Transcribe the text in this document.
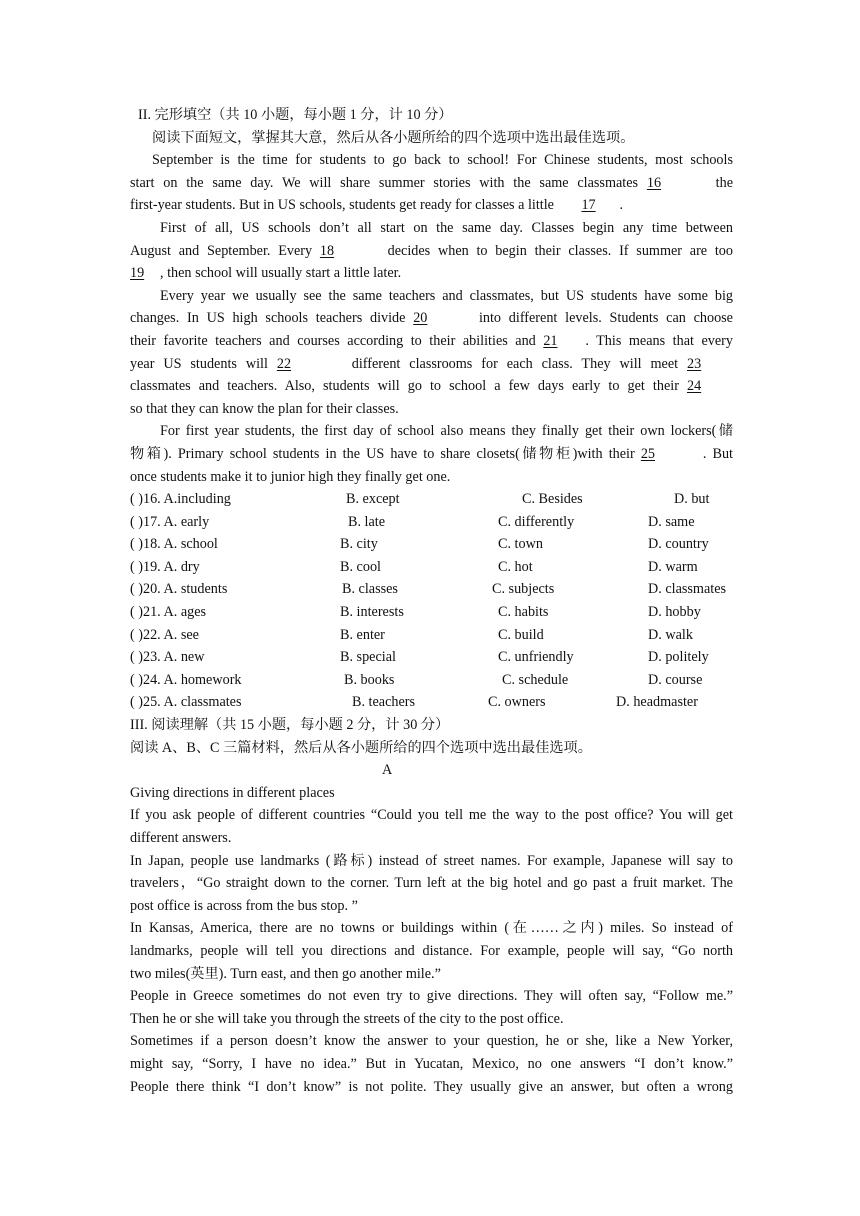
II. 完形填空（共 10 小题，每小题 1 分，计 10 分）
阅读下面短文，掌握其大意，然后从各小题所给的四个选项中选出最佳选项。
September is the time for students to go back to school! For Chinese students, most schools
start on the same day. We will share summer stories with the same classmates 16	the
first-year students. But in US schools, students get ready for classes a little 17 .
First of all, US schools don’t all start on the same day. Classes begin any time between
August and September. Every 18	decides when to begin their classes. If summer are too
19 , then school will usually start a little later.
Every year we usually see the same teachers and classmates, but US students have some big
changes. In US high schools teachers divide 20	into different levels. Students can choose
their favorite teachers and courses according to their abilities and 21 . This means that every
year US students will 22	different classrooms for each class. They will meet 23
classmates and teachers. Also, students will go to school a few days early to get their 24
so that they can know the plan for their classes.
For first year students, the first day of school also means they finally get their own lockers(储
物箱). Primary school students in the US have to share closets(储物柜)with their 25	. But
once students make it to junior high they finally get one.
( )16. A.including	B. except	C. Besides	D. but
( )17. A. early	B. late	C. differently	D. same
( )18. A. school	B. city	C. town	D. country
( )19. A. dry	B. cool	C. hot	D. warm
( )20. A. students	B. classes	C. subjects	D. classmates
( )21. A. ages	B. interests	C. habits	D. hobby
( )22. A. see	B. enter	C. build	D. walk
( )23. A. new	B. special	C. unfriendly	D. politely
( )24. A. homework	B. books	C. schedule	D. course
( )25. A. classmates	B. teachers	C. owners	D. headmaster
III. 阅读理解（共 15 小题，每小题 2 分，计 30 分）
阅读 A、B、C 三篇材料，然后从各小题所给的四个选项中选出最佳选项。
A
Giving directions in different places
If you ask people of different countries “Could you tell me the way to the post office? You will get
different answers.
In Japan, people use landmarks (路标) instead of street names. For example, Japanese will say to
travelers，“Go straight down to the corner. Turn left at the big hotel and go past a fruit market. The
post office is across from the bus stop. ”
In Kansas, America, there are no towns or buildings within (在……之内) miles. So instead of
landmarks, people will tell you directions and distance. For example, people will say, “Go north
two miles(英里). Turn east, and then go another mile.”
People in Greece sometimes do not even try to give directions. They will often say, “Follow me.”
Then he or she will take you through the streets of the city to the post office.
Sometimes if a person doesn’t know the answer to your question, he or she, like a New Yorker,
might say, “Sorry, I have no idea.” But in Yucatan, Mexico, no one answers “I don’t know.”
People there think “I don’t know” is not polite. They usually give an answer, but often a wrong
